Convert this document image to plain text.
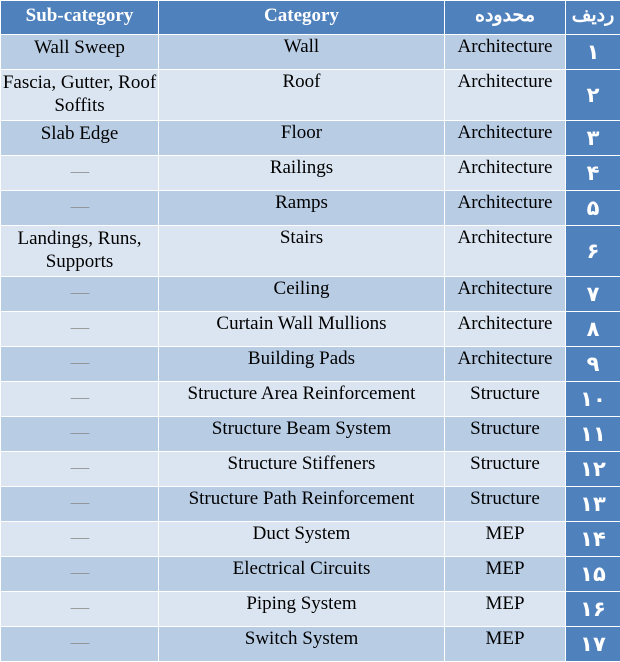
Sub-category	Category	محدوده	ردیف
Wall Sweep	Wall	Architecture	۱
Fascia, Gutter, Roof Soffits	Roof	Architecture	۲
Slab Edge	Floor	Architecture	۳
-------	Railings	Architecture	۴
-------	Ramps	Architecture	۵
Landings, Runs, Supports	Stairs	Architecture	۶
-------	Ceiling	Architecture	۷
-------	Curtain Wall Mullions	Architecture	۸
-------	Building Pads	Architecture	۹
-------	Structure Area Reinforcement	Structure	۱۰
-------	Structure Beam System	Structure	۱۱
-------	Structure Stiffeners	Structure	۱۲
-------	Structure Path Reinforcement	Structure	۱۳
-------	Duct System	MEP	۱۴
-------	Electrical Circuits	MEP	۱۵
-------	Piping System	MEP	۱۶
-------	Switch System	MEP	۱۷
